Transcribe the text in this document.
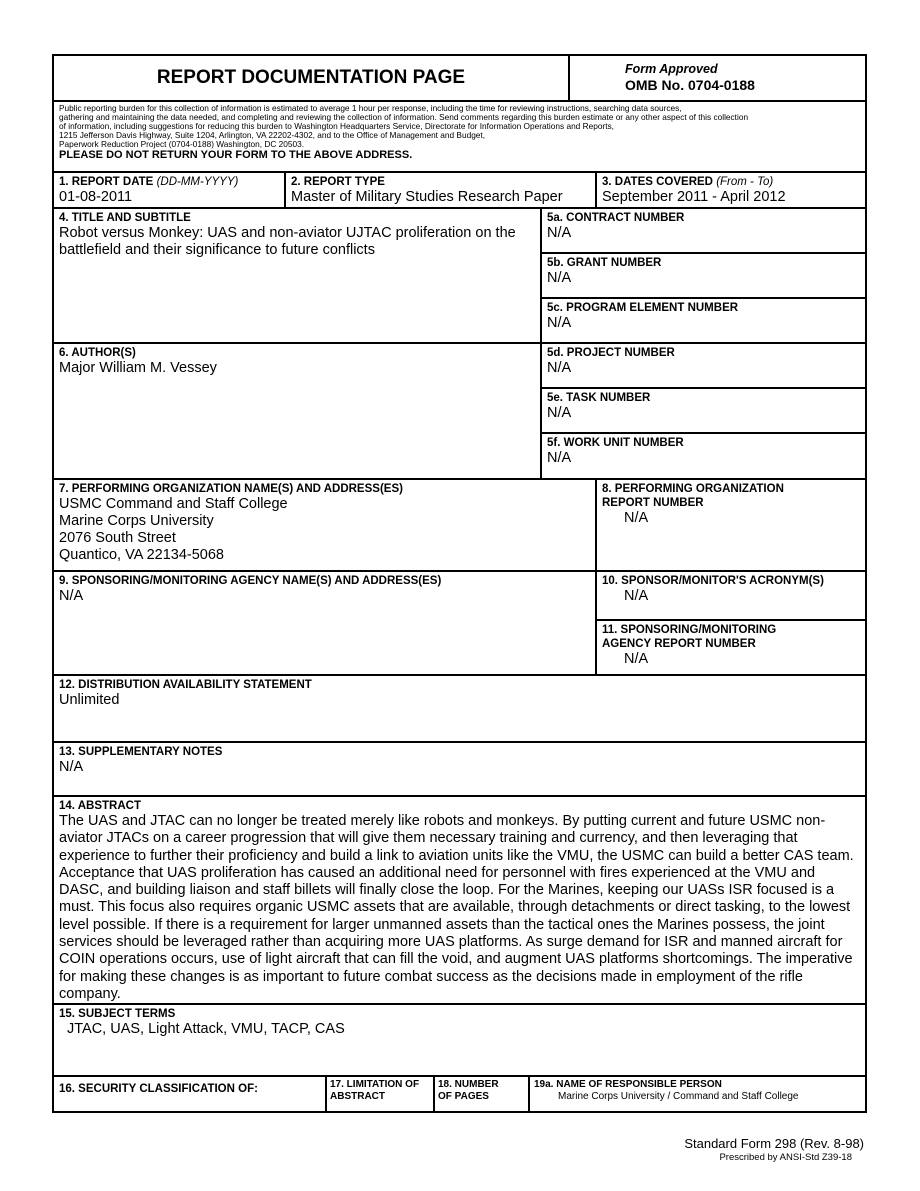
REPORT DOCUMENTATION PAGE	Form Approved
OMB No. 0704-0188
Public reporting burden for this collection of information is estimated to average 1 hour per response, including the time for reviewing instructions, searching data sources,
gathering and maintaining the data needed, and completing and reviewing the collection of information. Send comments regarding this burden estimate or any other aspect of this collection
of information, including suggestions for reducing this burden to Washington Headquarters Service, Directorate for Information Operations and Reports,
1215 Jefferson Davis Highway, Suite 1204, Arlington, VA 22202-4302, and to the Office of Management and Budget,
Paperwork Reduction Project (0704-0188) Washington, DC 20503.
PLEASE DO NOT RETURN YOUR FORM TO THE ABOVE ADDRESS.
1. REPORT DATE (DD-MM-YYYY)
01-08-2011
2. REPORT TYPE
Master of Military Studies Research Paper
3. DATES COVERED (From - To)
September 2011 - April 2012
4. TITLE AND SUBTITLE
Robot versus Monkey: UAS and non-aviator UJTAC proliferation on the battlefield and their significance to future conflicts
5a. CONTRACT NUMBER
N/A
5b. GRANT NUMBER
N/A
5c. PROGRAM ELEMENT NUMBER
N/A
6. AUTHOR(S)
Major William M. Vessey
5d. PROJECT NUMBER
N/A
5e. TASK NUMBER
N/A
5f. WORK UNIT NUMBER
N/A
7. PERFORMING ORGANIZATION NAME(S) AND ADDRESS(ES)
USMC Command and Staff College
Marine Corps University
2076 South Street
Quantico, VA 22134-5068
8. PERFORMING ORGANIZATION
REPORT NUMBER
N/A
9. SPONSORING/MONITORING AGENCY NAME(S) AND ADDRESS(ES)
N/A
10. SPONSOR/MONITOR'S ACRONYM(S)
N/A
11. SPONSORING/MONITORING
AGENCY REPORT NUMBER
N/A
12. DISTRIBUTION AVAILABILITY STATEMENT
Unlimited
13. SUPPLEMENTARY NOTES
N/A
14. ABSTRACT
The UAS and JTAC can no longer be treated merely like robots and monkeys. By putting current and future USMC non-aviator JTACs on a career progression that will give them necessary training and currency, and then leveraging that experience to further their proficiency and build a link to aviation units like the VMU, the USMC can build a better CAS team. Acceptance that UAS proliferation has caused an additional need for personnel with fires experienced at the VMU and DASC, and building liaison and staff billets will finally close the loop. For the Marines, keeping our UASs ISR focused is a must. This focus also requires organic USMC assets that are available, through detachments or direct tasking, to the lowest level possible. If there is a requirement for larger unmanned assets than the tactical ones the Marines possess, the joint services should be leveraged rather than acquiring more UAS platforms. As surge demand for ISR and manned aircraft for COIN operations occurs, use of light aircraft that can fill the void, and augment UAS platforms shortcomings. The imperative for making these changes is as important to future combat success as the decisions made in employment of the rifle company.
15. SUBJECT TERMS
JTAC, UAS, Light Attack, VMU, TACP, CAS
16. SECURITY CLASSIFICATION OF:	17. LIMITATION OF
ABSTRACT
18. NUMBER
OF PAGES
19a. NAME OF RESPONSIBLE PERSON
Marine Corps University / Command and Staff College
Standard Form 298 (Rev. 8-98)
Prescribed by ANSI-Std Z39-18
